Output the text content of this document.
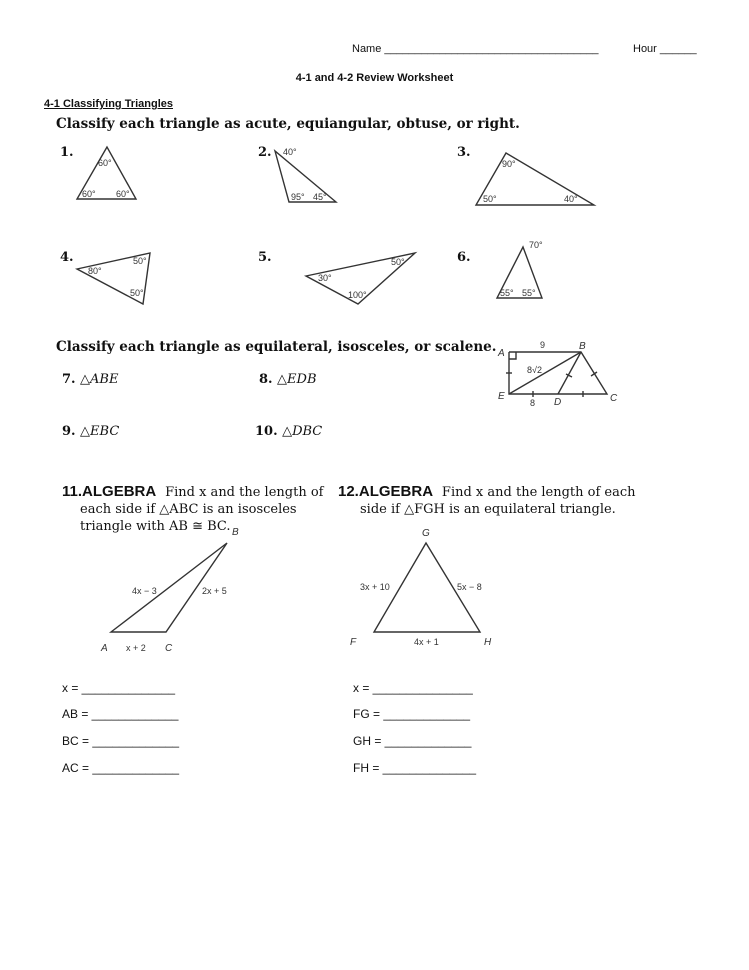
Name ___________________________________	Hour ______
4-1 and 4-2 Review Worksheet
4-1 Classifying Triangles
Classify each triangle as acute, equiangular, obtuse, or right.
1.	2.	3.
4.	5.	6.
60°
60° 60°
40°
95° 45°
90°
50°	40°
80°
50°
50°
30°
50°
100°
70°
55° 55°
A
B
E
D	C
9
8√2
8
B
A	C
4x − 3	2x + 5
x + 2
G
F	H
3x + 10	5x − 8
4x + 1
Classify each triangle as equilateral, isosceles, or scalene.
7. △ABE	8. △EDB
9. △EBC	10. △DBC
11.ALGEBRA Find x and the length of
each side if △ABC is an isosceles
triangle with AB ≅ BC.
12.ALGEBRA Find x and the length of each
side if △FGH is an equilateral triangle.
x = ______________
AB = _____________
BC = _____________
AC = _____________
x = _______________
FG = _____________
GH = _____________
FH = ______________
